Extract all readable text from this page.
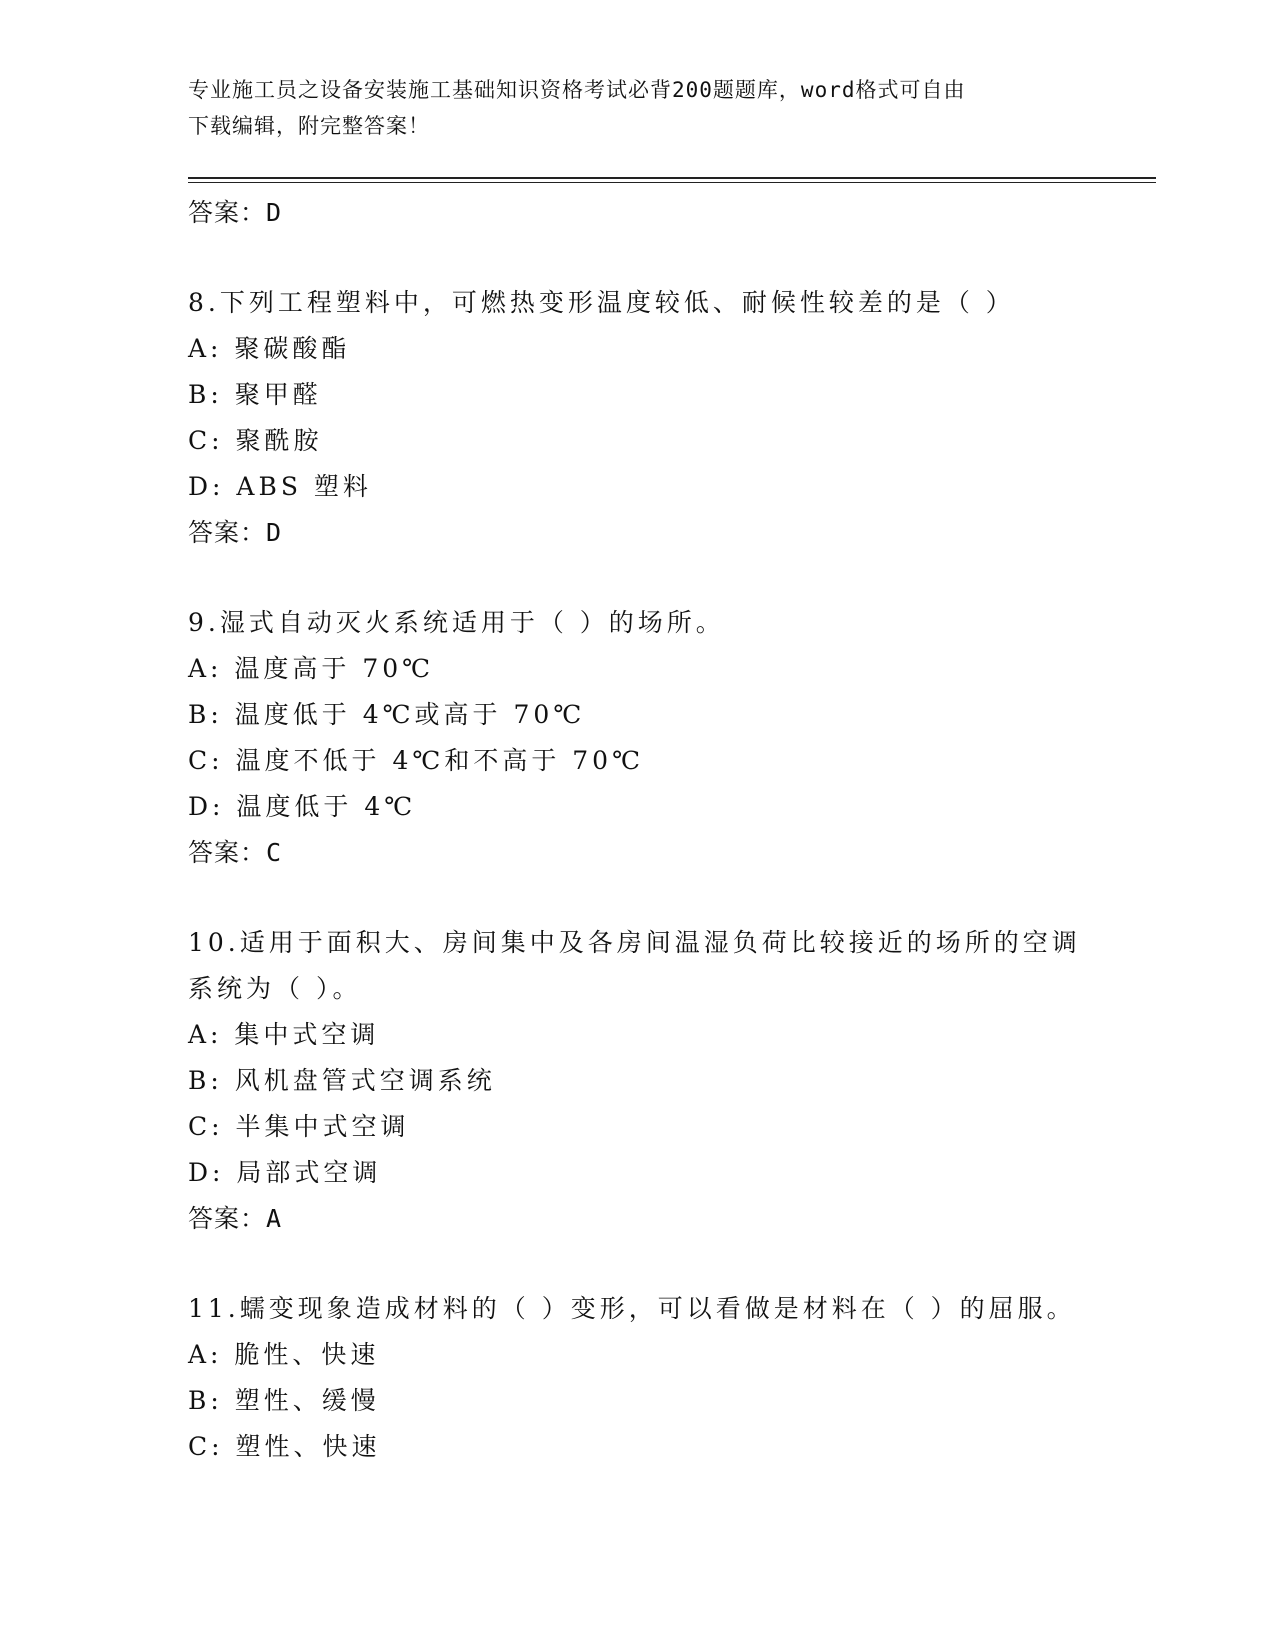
专业施工员之设备安装施工基础知识资格考试必背200题题库，word格式可自由
下载编辑，附完整答案！
答案：D
8.下列工程塑料中，可燃热变形温度较低、耐候性较差的是（ ）
A: 聚碳酸酯
B: 聚甲醛
C: 聚酰胺
D: ABS 塑料
答案：D
9.湿式自动灭火系统适用于（ ）的场所。
A: 温度高于 70℃
B: 温度低于 4℃或高于 70℃
C: 温度不低于 4℃和不高于 70℃
D: 温度低于 4℃
答案：C
10.适用于面积大、房间集中及各房间温湿负荷比较接近的场所的空调
系统为（ ）。
A: 集中式空调
B: 风机盘管式空调系统
C: 半集中式空调
D: 局部式空调
答案：A
11.蠕变现象造成材料的（ ）变形，可以看做是材料在（ ）的屈服。
A: 脆性、快速
B: 塑性、缓慢
C: 塑性、快速
